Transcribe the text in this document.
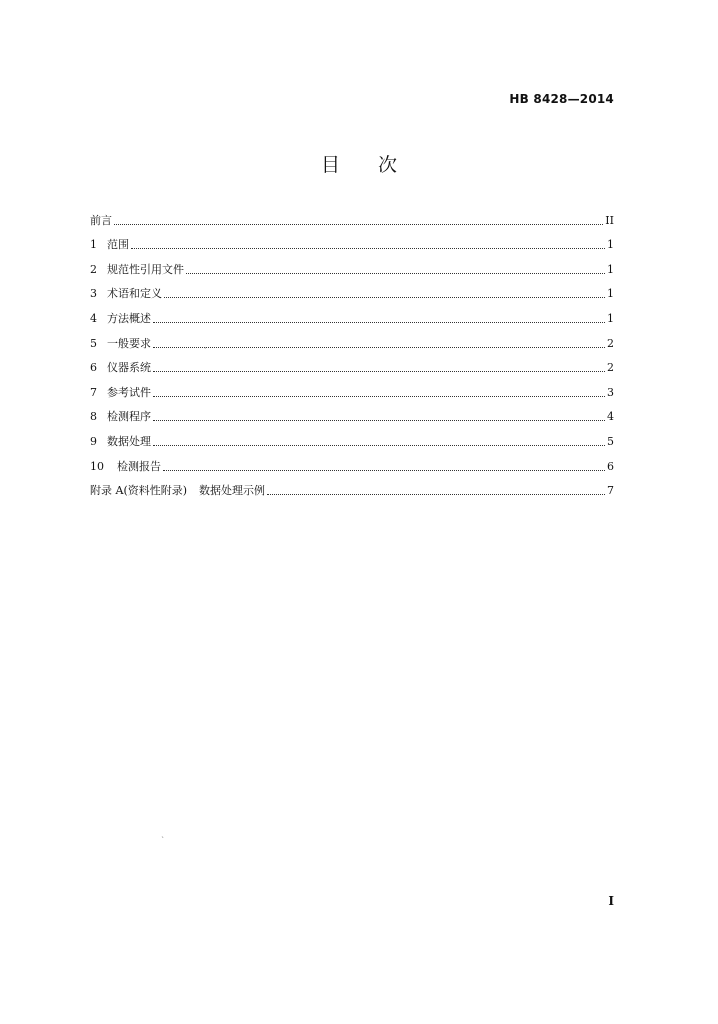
HB 8428—2014
目 次
前言	II
1 范围	1
2 规范性引用文件	1
3 术语和定义	1
4 方法概述	1
5 一般要求	2
6 仪器系统	2
7 参考试件	3
8 检测程序	4
9 数据处理	5
10	检测报告	6
附录 A(资料性附录) 数据处理示例	7
·
`
I
